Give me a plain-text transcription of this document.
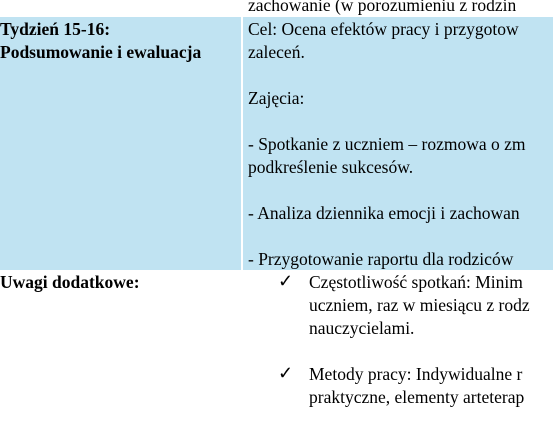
zachowanie (w porozumieniu z rodzin
Tydzień 15-16:
Podsumowanie i ewaluacja
Cel: Ocena efektów pracy i przygotow
zaleceń.
Zajęcia:
- Spotkanie z uczniem – rozmowa o zm
podkreślenie sukcesów.
- Analiza dziennika emocji i zachowan
- Przygotowanie raportu dla rodziców
Uwagi dodatkowe:	✓ Częstotliwość spotkań: Minim
uczniem, raz w miesiącu z rodz
nauczycielami.
✓ Metody pracy: Indywidualne r
praktyczne, elementy arteterap
